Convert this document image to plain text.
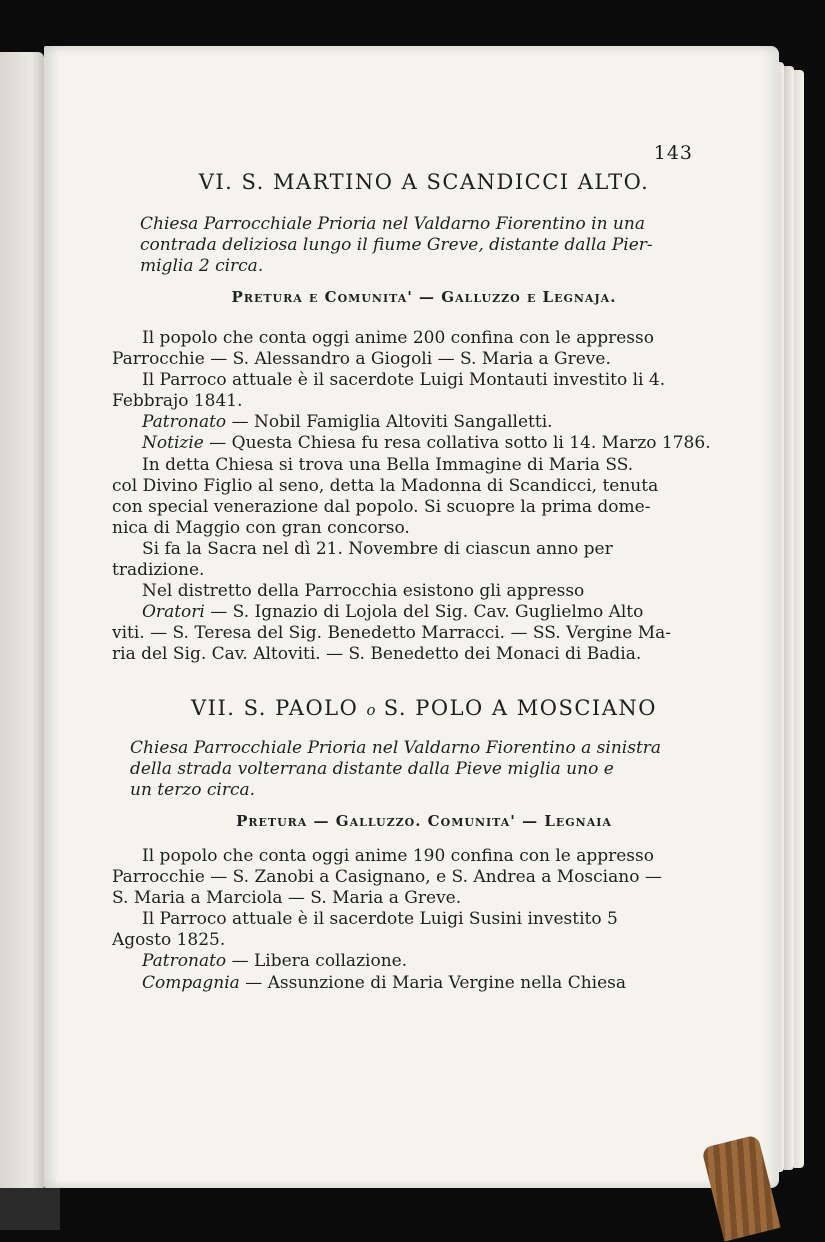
143
VI. S. MARTINO A SCANDICCI ALTO.
Chiesa Parrocchiale Prioria nel Valdarno Fiorentino in una
contrada deliziosa lungo il fiume Greve, distante dalla Pier-
miglia 2 circa.
Pretura e Comunita' — Galluzzo e Legnaja.
Il popolo che conta oggi anime 200 confina con le appresso
Parrocchie — S. Alessandro a Giogoli — S. Maria a Greve.
Il Parroco attuale è il sacerdote Luigi Montauti investito li 4.
Febbrajo 1841.
Patronato — Nobil Famiglia Altoviti Sangalletti.
Notizie — Questa Chiesa fu resa collativa sotto li 14. Marzo 1786.
In detta Chiesa si trova una Bella Immagine di Maria SS.
col Divino Figlio al seno, detta la Madonna di Scandicci, tenuta
con special venerazione dal popolo. Si scuopre la prima dome-
nica di Maggio con gran concorso.
Si fa la Sacra nel dì 21. Novembre di ciascun anno per
tradizione.
Nel distretto della Parrocchia esistono gli appresso
Oratori — S. Ignazio di Lojola del Sig. Cav. Guglielmo Alto
viti. — S. Teresa del Sig. Benedetto Marracci. — SS. Vergine Ma-
ria del Sig. Cav. Altoviti. — S. Benedetto dei Monaci di Badia.
VII. S. PAOLO o S. POLO A MOSCIANO
Chiesa Parrocchiale Prioria nel Valdarno Fiorentino a sinistra
della strada volterrana distante dalla Pieve miglia uno e
un terzo circa.
Pretura — Galluzzo. Comunita' — Legnaia
Il popolo che conta oggi anime 190 confina con le appresso
Parrocchie — S. Zanobi a Casignano, e S. Andrea a Mosciano —
S. Maria a Marciola — S. Maria a Greve.
Il Parroco attuale è il sacerdote Luigi Susini investito 5
Agosto 1825.
Patronato — Libera collazione.
Compagnia — Assunzione di Maria Vergine nella Chiesa
